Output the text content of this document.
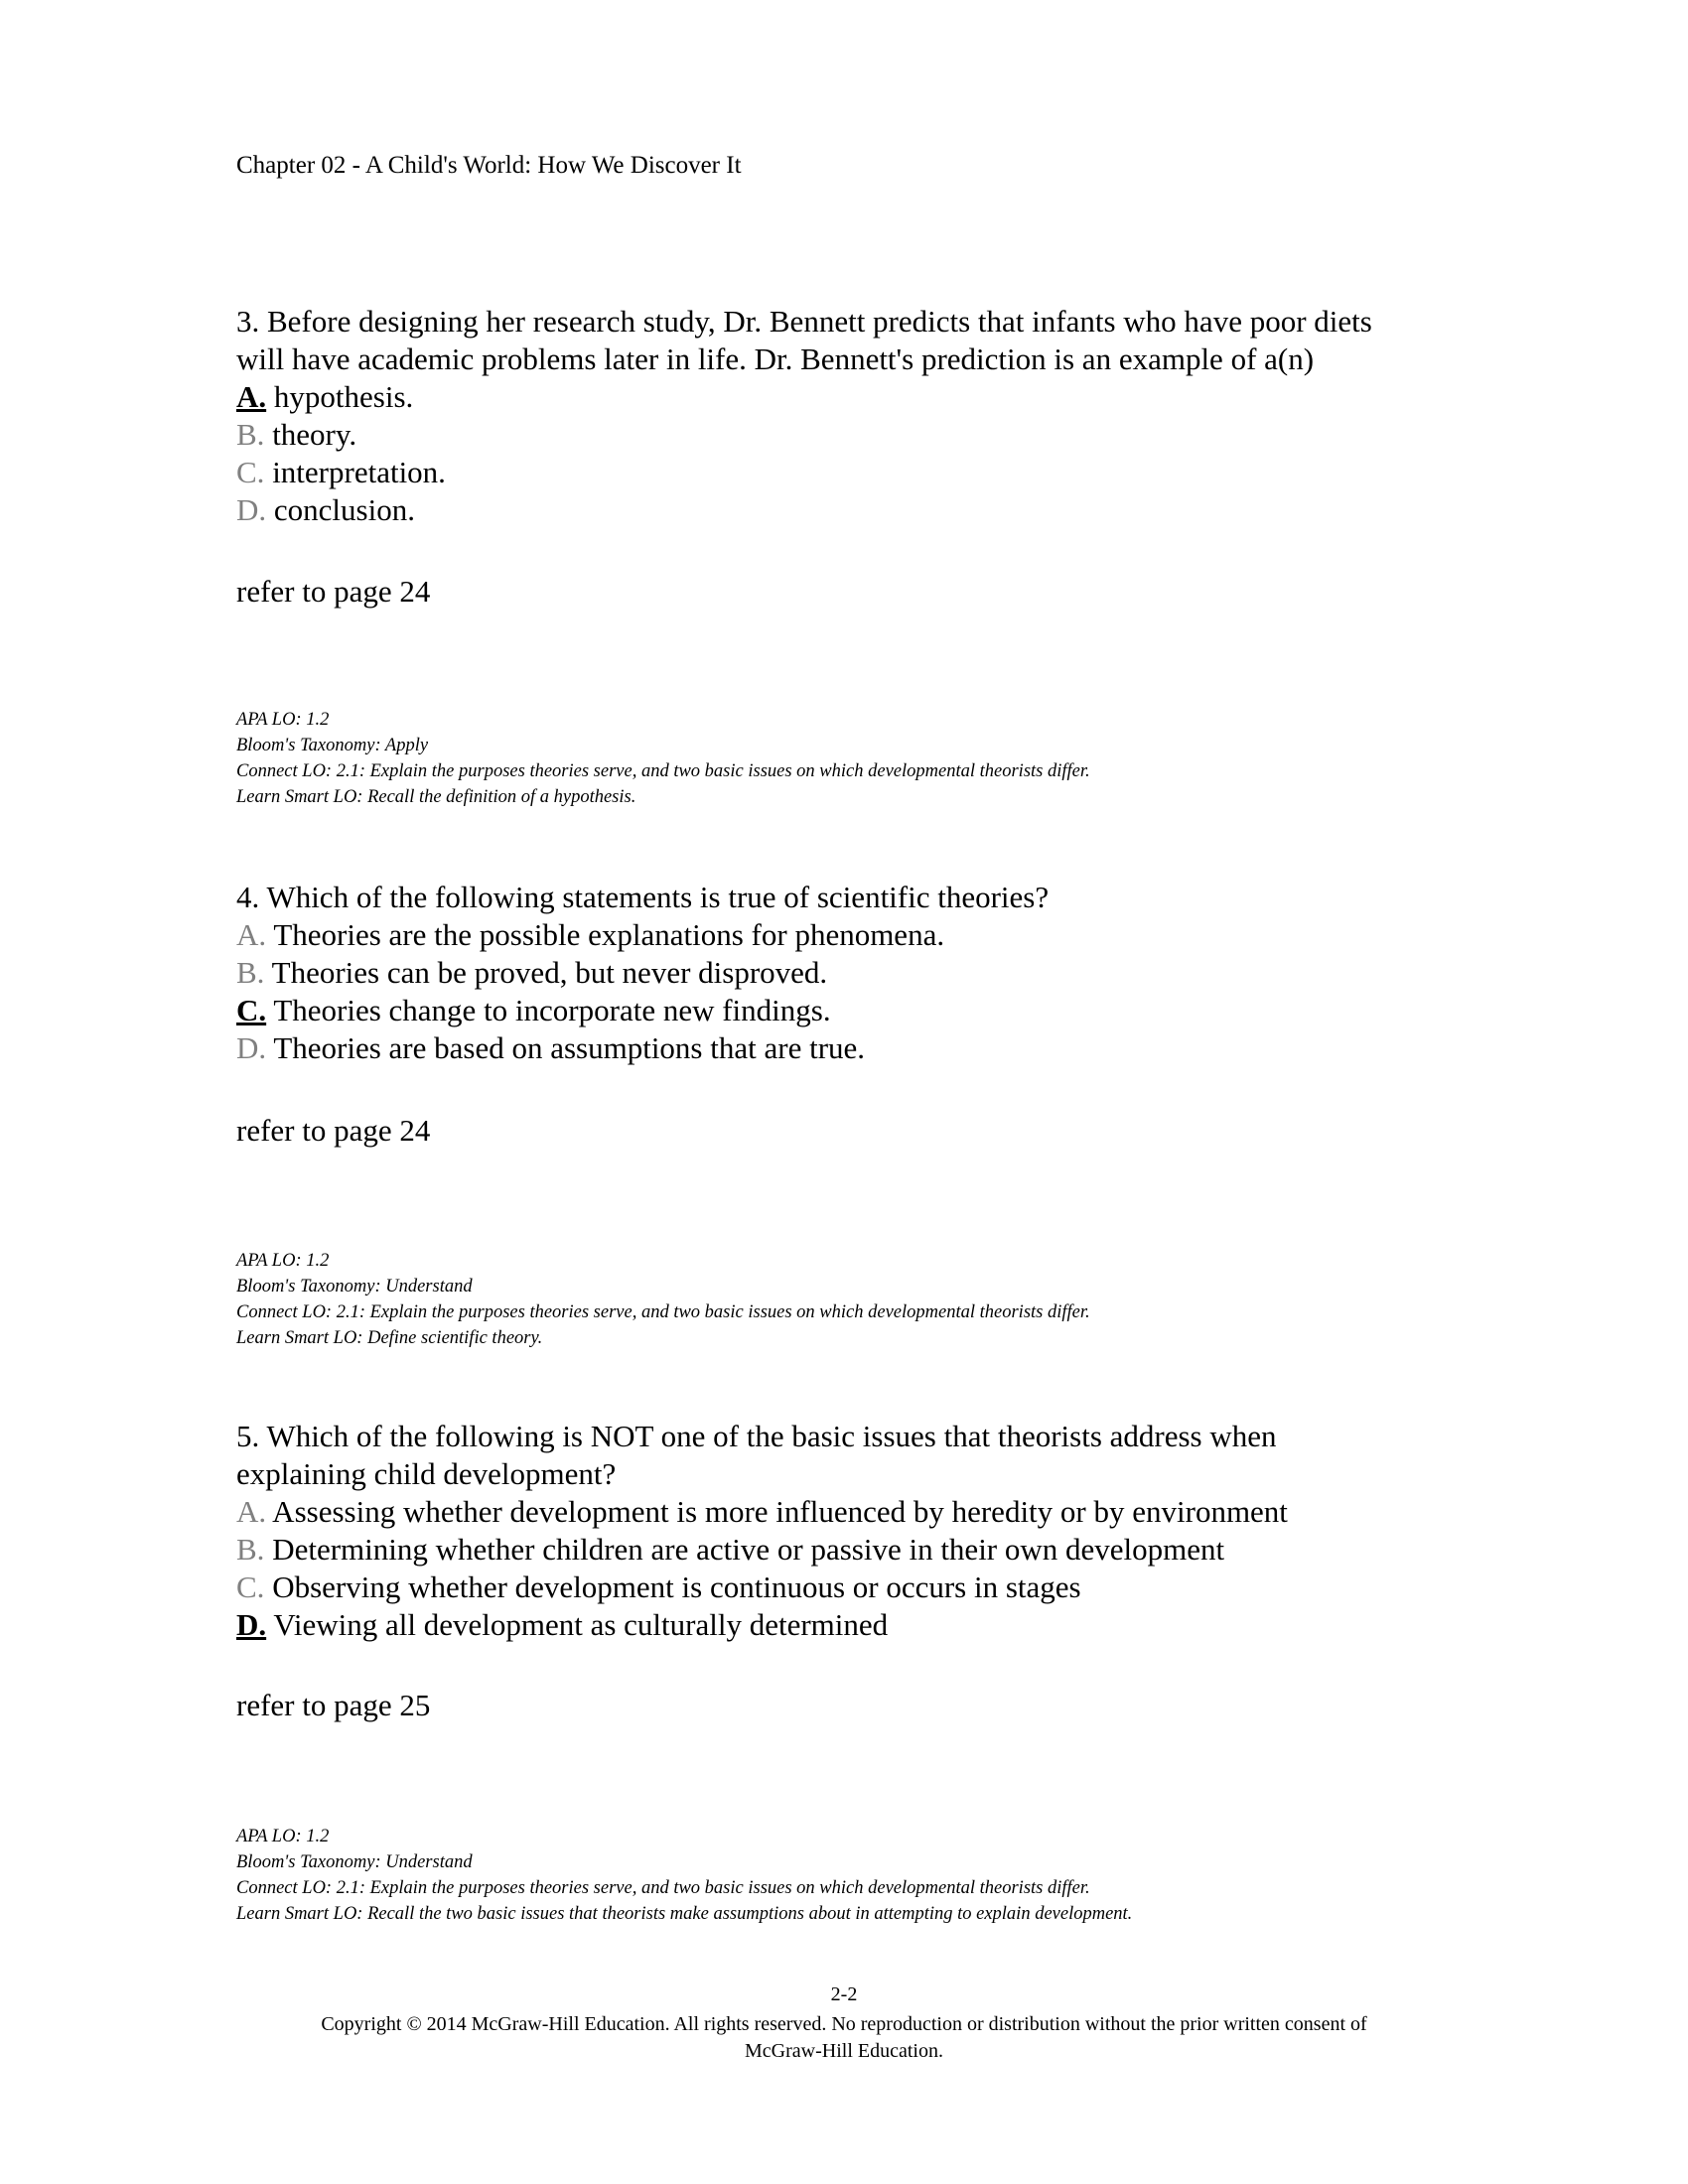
Chapter 02 - A Child's World: How We Discover It
3. Before designing her research study, Dr. Bennett predicts that infants who have poor diets
will have academic problems later in life. Dr. Bennett's prediction is an example of a(n)
A. hypothesis.
B. theory.
C. interpretation.
D. conclusion.
refer to page 24
APA LO: 1.2
Bloom's Taxonomy: Apply
Connect LO: 2.1: Explain the purposes theories serve, and two basic issues on which developmental theorists differ.
Learn Smart LO: Recall the definition of a hypothesis.
4. Which of the following statements is true of scientific theories?
A. Theories are the possible explanations for phenomena.
B. Theories can be proved, but never disproved.
C. Theories change to incorporate new findings.
D. Theories are based on assumptions that are true.
refer to page 24
APA LO: 1.2
Bloom's Taxonomy: Understand
Connect LO: 2.1: Explain the purposes theories serve, and two basic issues on which developmental theorists differ.
Learn Smart LO: Define scientific theory.
5. Which of the following is NOT one of the basic issues that theorists address when
explaining child development?
A. Assessing whether development is more influenced by heredity or by environment
B. Determining whether children are active or passive in their own development
C. Observing whether development is continuous or occurs in stages
D. Viewing all development as culturally determined
refer to page 25
APA LO: 1.2
Bloom's Taxonomy: Understand
Connect LO: 2.1: Explain the purposes theories serve, and two basic issues on which developmental theorists differ.
Learn Smart LO: Recall the two basic issues that theorists make assumptions about in attempting to explain development.
2-2
Copyright © 2014 McGraw-Hill Education. All rights reserved. No reproduction or distribution without the prior written consent of
McGraw-Hill Education.
